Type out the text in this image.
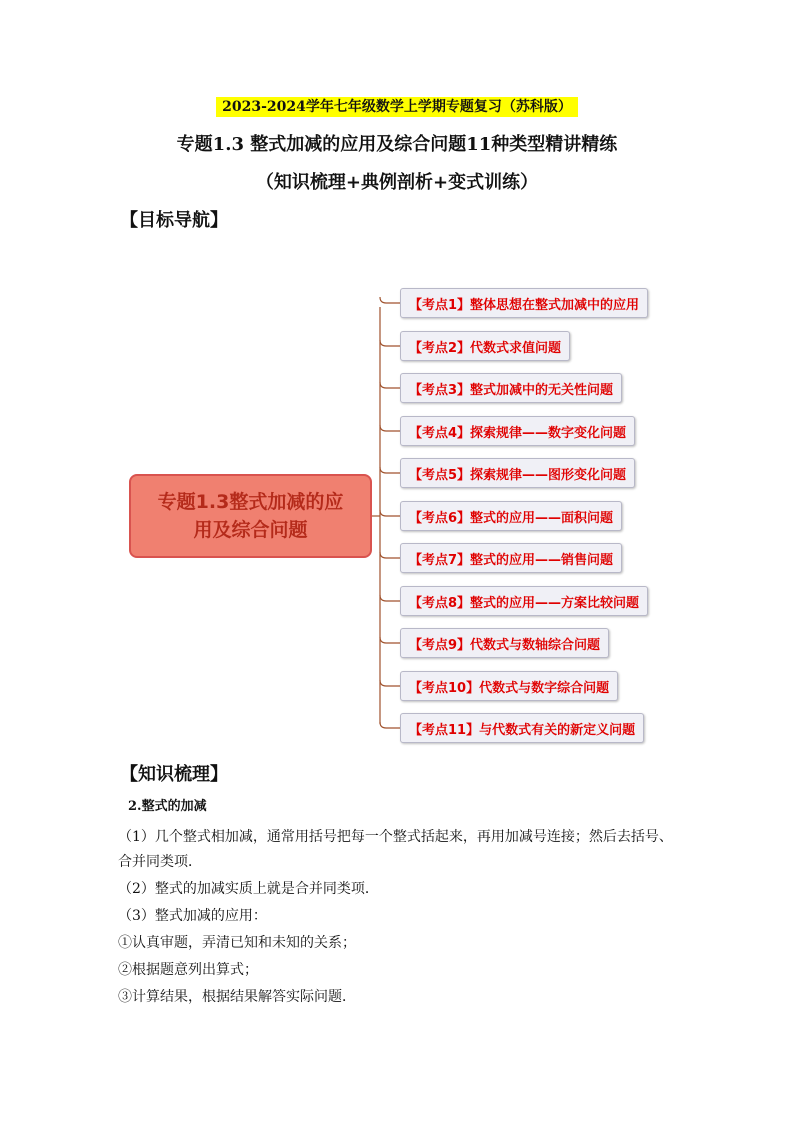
2023-2024学年七年级数学上学期专题复习（苏科版）
专题1.3 整式加减的应用及综合问题11种类型精讲精练
（知识梳理+典例剖析+变式训练）
【目标导航】
专题1.3整式加减的应用及综合问题
【考点1】整体思想在整式加减中的应用
【考点2】代数式求值问题
【考点3】整式加减中的无关性问题
【考点4】探索规律——数字变化问题
【考点5】探索规律——图形变化问题
【考点6】整式的应用——面积问题
【考点7】整式的应用——销售问题
【考点8】整式的应用——方案比较问题
【考点9】代数式与数轴综合问题
【考点10】代数式与数字综合问题
【考点11】与代数式有关的新定义问题
【知识梳理】
2.整式的加减
（1）几个整式相加减，通常用括号把每一个整式括起来，再用加减号连接；然后去括号、
合并同类项．
（2）整式的加减实质上就是合并同类项．
（3）整式加减的应用：
①认真审题，弄清已知和未知的关系；
②根据题意列出算式；
③计算结果，根据结果解答实际问题．
